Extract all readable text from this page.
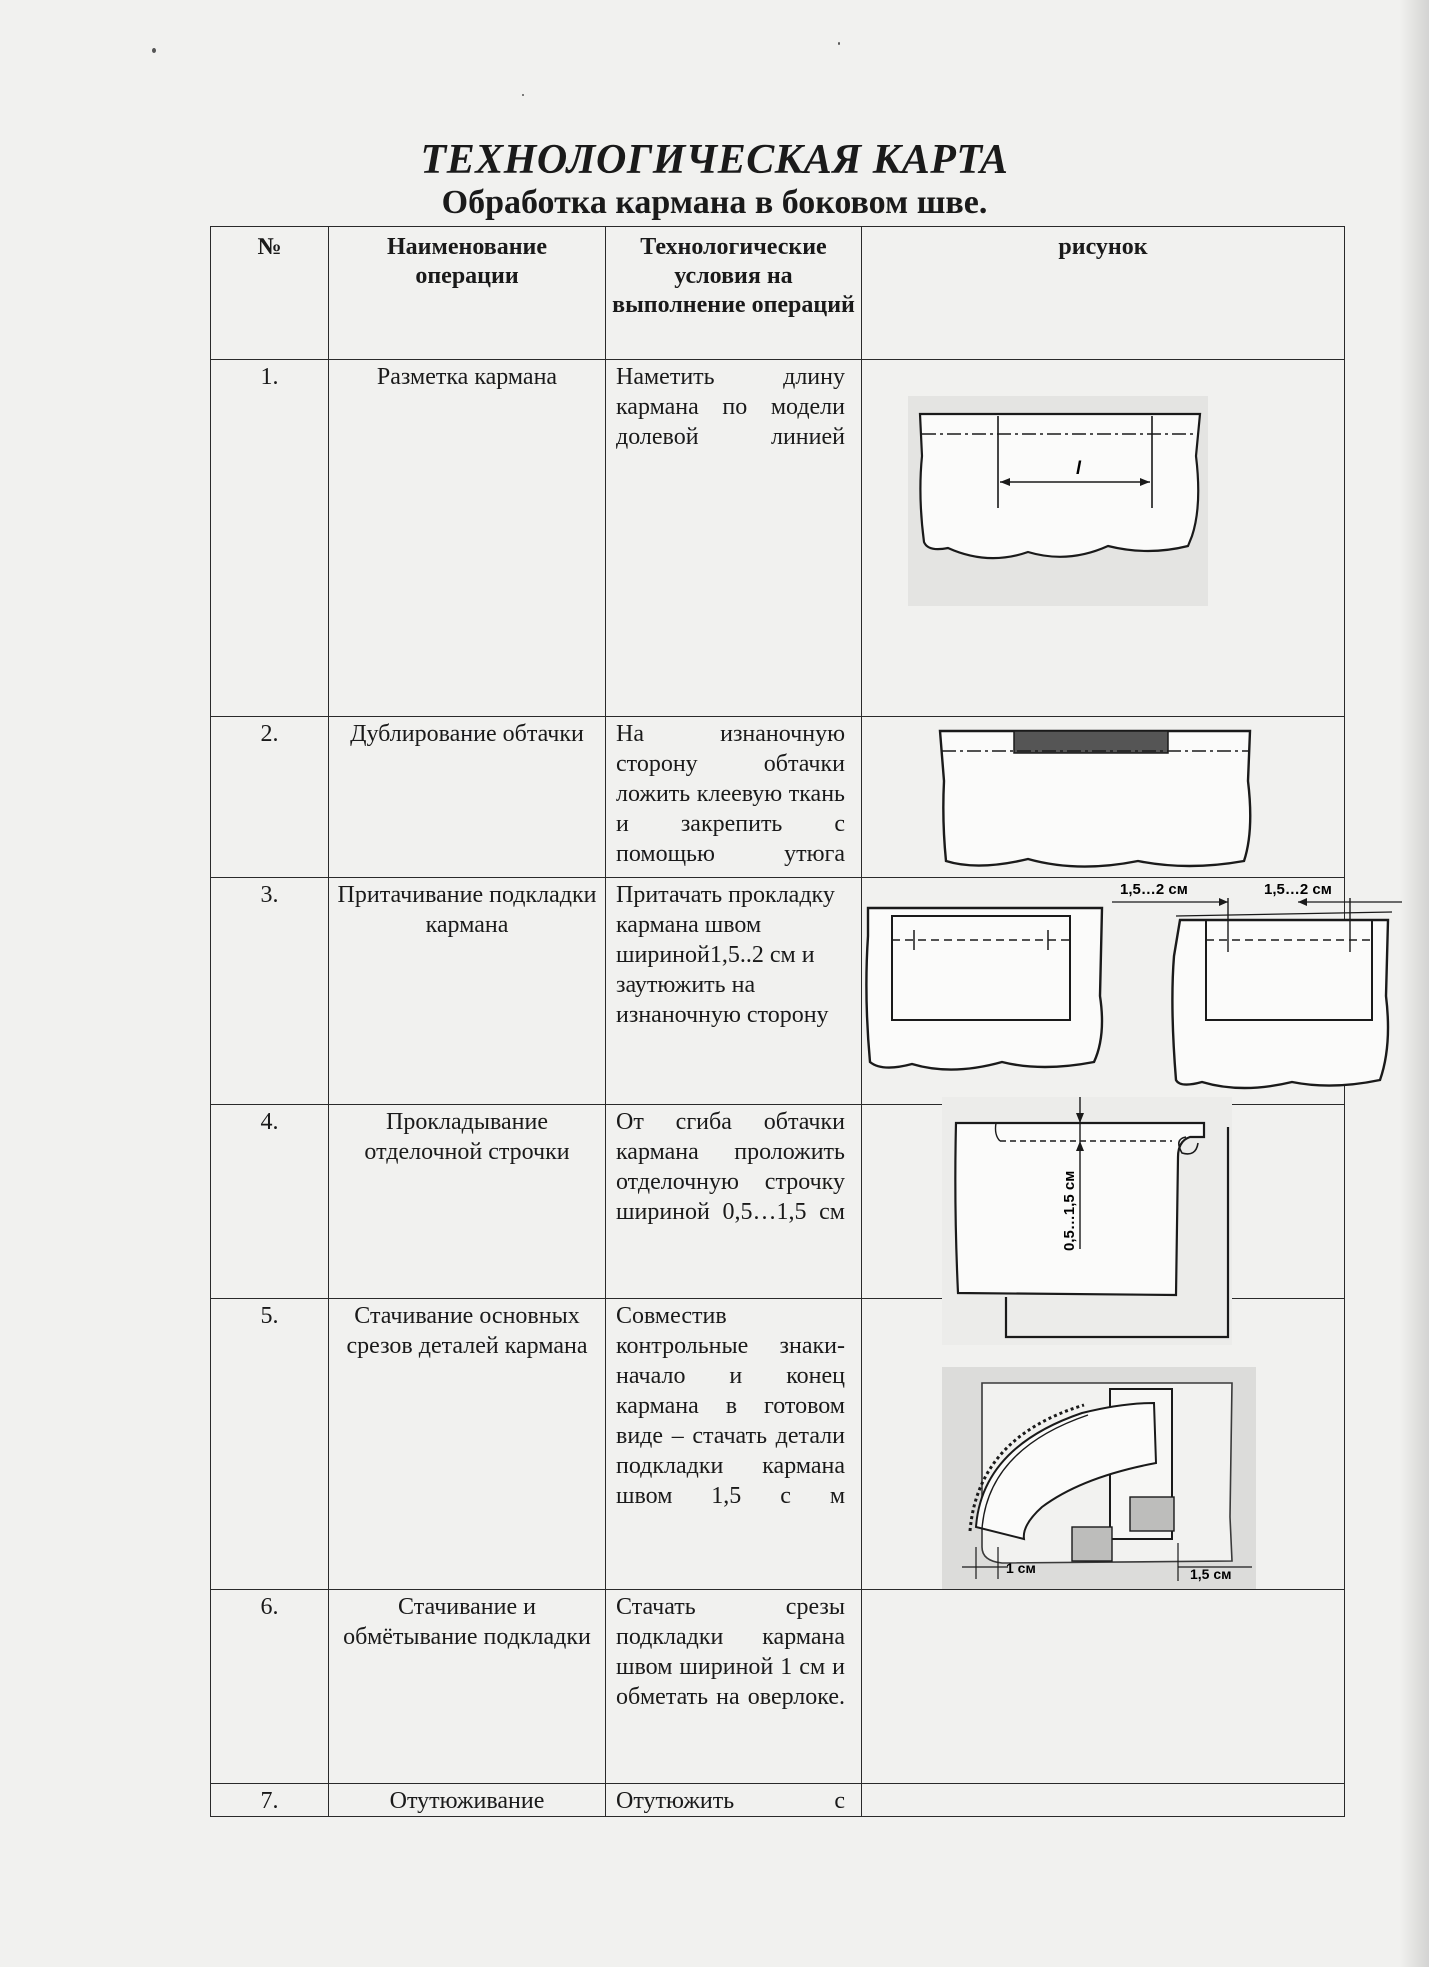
ТЕХНОЛОГИЧЕСКАЯ КАРТА
Обработка кармана в боковом шве.
№	Наименование операции	Технологические условия на выполнение операций	рисунок
1.	Разметка кармана	Наметить длину кармана по модели долевой линией	l

2.	Дублирование обтачки	На изнаночную сторону обтачки ложить клеевую ткань и закрепить с помощью утюга	

3.	Притачивание подкладки кармана	Притачать прокладку кармана швом шириной1,5..2 см и заутюжить на изнаночную сторону	1,5…2 см 1,5…2 см

4.	Прокладывание отделочной строчки	От сгиба обтачки кармана проложить отделочную строчку шириной 0,5…1,5 см	0,5…1,5 см

5.	Стачивание основных срезов деталей кармана	Совместив контрольные знаки-начало и конец кармана в готовом виде – стачать детали подкладки кармана швом 1,5 с м	1 см 1,5 см

6.	Стачивание и обмётывание подкладки	Стачать срезы подкладки кармана швом шириной 1 см и обметать на оверлоке.	
7.	Отутюживание	Отутюжить с	
